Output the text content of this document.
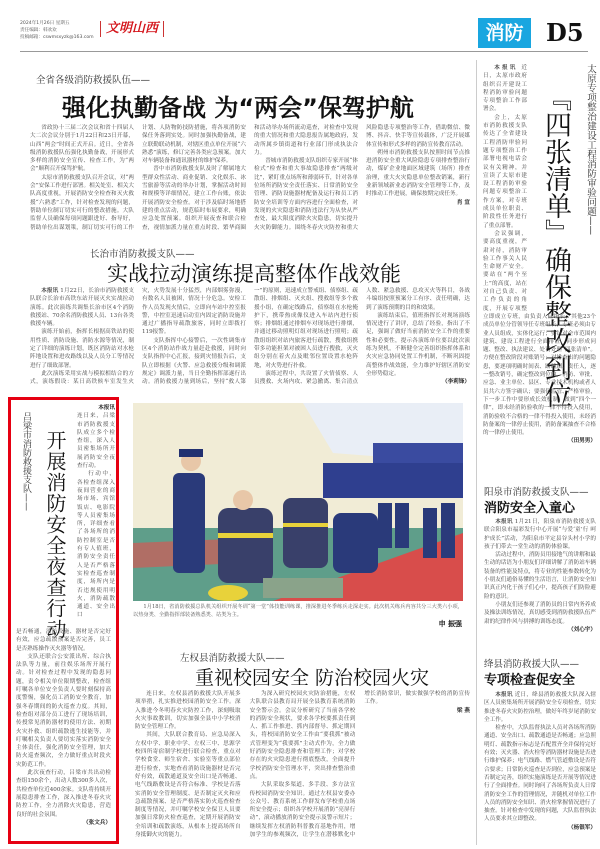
2024年1月26日 星期五
责任编辑：韩欢欢
投稿邮箱：cswmsxyzk@163.com
文明山西	消防 D5
全省各级消防救援队伍——
强化执勤备战 为“两会”保驾护航

省政协十三届二次会议和省十四届人大二次会议分别于1月22日和23日开幕，山西“两会”时间正式开启。近日，全省各级消防救援队伍强化执勤备战，开展形式多样的消防安全宣传、检查工作，为“两会”顺利召开保驾护航。

太原市消防救援支队召开会议，对“两会”安保工作进行部署。相关处室、相关大队高度重视，开展消防安全检查和灭火救援“六熟悉”工作，针对检查发现的问题，帮助单位制订切实可行的整改措施。大队监督人员确保每项问题跟进好、指导好，帮助单位出谋划策，制订切实可行的工作计划、人防物防技防措施，将各项消防安保任务落到实处。同时加强执勤备战，建立联勤联动机制，对辖区重点单位开展“六熟悉”演练，修订完善各类应急预案。加大对车辆装备和通讯器材的维护保养。

晋中市消防救援支队及时了解属地大型群众性活动、商业促销、文化娱乐、冰雪旅游等活动的举办计划，掌握活动时间和规模等详细情况，建立工作台账，依法开展消防安全检查。对于涉及临时场地搭建的重点活动，规范临时布展要求，明确应急处置预案。组织开展夜查和联合检查，视情加派力量在重点时段、繁华商圈和活动举办场所流动巡查，对检查中发现的重大情况和重大隐患报告属地政府，发动所属乡镇街道和行业部门形成执法合力。

晋城市消防救援支队组织专家开展“体检式”检查和重大事故隐患排查“两级对比”，紧盯重点场所和薄弱环节，针对各单位场所消防安全责任落实、日常消防安全管理、消防设施器材配备及运行和员工消防安全培训等方面内容进行全面检查，对发现的火灾隐患和消防违法行为从快从严查处，最大限度消除火灾隐患，切实提升火灾防御能力。围绕冬春火灾防控和重大风险隐患专项整治等工作，借助微信、微博、抖音、快手等宣传载体，广泛开展媒体宣传和形式多样的消防宣传教育活动。

朔州市消防救援支队按照时间节点推进消防安全重大风险隐患专项排查整治行动，煤矿企业地面区域建筑（场所）排查治理，重大火灾隐患单位整改销案，新行业新领域新业态消防安全管理等工作，及时推动工作进展，确保按期完成任务。

肖 宣
长治市消防救援支队——
实战拉动演练提高整体作战效能

本报讯 1月22日，长治市消防救援支队联合长治市高铁东站开展灭火实战拉动演练。此次演练共调集长治市区4个消防救援站、70余名消防救援人员、13台各类救援车辆。

演练开始前，指挥长根据高铁站的使用性质、消防设施、消防水源等情况，制定了详细的演练计划，既区消防站对水枪阵地设置和进攻路线以及人员分工等情况进行了细致部署。

此次演练采用实战与模拟相结合的方式，演练假设：某日高铁候车室发生火灾，火势发展十分猛烈，内部烟雾弥漫，有数名人员被困，情况十分危急。安检工作人员发现火情后，立即向车站中控室报警，中控室迅速启动室内固定消防设施并通过广播指导疏散旅客，同时立即拨打119报警。

支队指挥中心接警后，一次性调集市区4个消防站作战力量赶赴救援，同时向支队指挥中心汇报，接到灾情报告后，支队立即根据《火警、应急救援分级和调派规定》调派力量，当日全勤指挥部遂行出动。消防救援力量到场后，坚持“救人第一”的原则，迅速成立警戒组、侦察组、疏散组、排烟组、灭火组、搜救组等多个救援小组，在确定线路后，侦察组在水枪掩护下，携带热成像仪进入车站内进行侦察；排烟组通过排烟车对现场进行排烟，并通过移动照明灯组对现场进行照明；疏散组组织对站内旅客进行疏散，搜救组携带多功能担架对被困人员进行搜救，灭火组分别在着火点及毗邻位置设置水枪阵地，对火势进行扑救。

演练过程中，共设置了火情侦察、人员搜救、火场内攻、紧急撤离、集合清点人数、紧急救援、总攻灭火等科目，各战斗编组按照预案分工有序、责任明确，达到了演练预期的目的和效果。

演练结束后，值班指挥长对现场演练情况进行了讲评，总结了经验，指出了不足，强调了做好当前消防安全工作的重要性和必要性，提示各演练单位要以此次演练为契机，不断健全完善组织指挥体系和火灾应急协同处置工作机制，不断巩固提高整体作战效能，全力维护好辖区消防安全形势稳定。

（李莉锋）
吕梁市消防救援支队—— 开展消防安全夜查行动
本报讯

连日来，吕梁市消防救援支队成立多个检查组，深入人员密集场所开展消防安全夜查行动。

行动中，各检查组深入夜间营业的商场市场、宾馆饭店、电影院等人员密集场所，详细查看了各场所的消防控制室是否有专人值班，消防安全责任人是否严格落实检查巡查制度，场所内是否违规使用明火，消防疏散通道、安全出口

是否畅通，消防设施、器材是否完好有效，应急疏散预案是否完善，员工是否熟练操作灭火器等情况。

支队还联合公安派出所、综合执法队等力量，前往娱乐场所开展行动。针对检查过程中发现的隐患问题，责令相关单位限期整改，检查组叮嘱各单位安全负责人要时刻保持高度警惕，强化员工消防安全教育，加强冬春期间的防火巡查力度。其间，检查组对部分员工进行了现场培训，传授常见消防器材的使用方法、初期火灾扑救、组织疏散逃生技能等，并叮嘱相关负责人要切实落实消防安全主体责任，强化消防安全管理，加大防火巡查频次，全力做好重点时段火灾防范工作。

此次夜查行动，吕梁市共出动检查组150余个，出动人数300多人次，共检查单位近400余家。支队将持续开展隐患排查工作，深入推进冬春火灾防控工作，全力消除火灾隐患，营造良好的社会氛围。

（张文兵）
1月18日，省消防救援总队机关组织开展冬训“第一堂”体技能训练课，推深推进冬季练兵走深走实。此次机关练兵内容共分三大类六小项，以热身类、全勤指挥部装备熟悉类、站类为主。
申 振强
左权县消防救援大队——
重视校园安全 防治校园火灾

连日来，左权县消防救援大队开展多项举措，扎实推进校园消防安全工作。深入推进今冬明春火灾防控工作，深刻吸取火灾事故教训，切实加强全县中小学校消防安全管理工作。

其间，大队联合教育局、应急局深入左权中学、职业中学、左权三中、思源学校四所寄宿制学校进行联合检查，重点对学校食堂、师生宿舍、实验室等重点部位进行检查，实地查看消防设施器材是否完好有效，疏散通道及安全出口是否畅通、电气线路敷设是否符合标准、学校是否落实消防安全管理制度、是否制定灭火和应急疏散预案、是否严格落实防火巡查检查制度等情况，并叮嘱学校安全保卫人员要加强日常防火检查巡查，定期开展消防安全培训和疏散演练，从根本上提高场所自身抵御火灾的能力。

为深入研究校园火灾防治措施，左权大队联合县教育局开展全县教育系统消防安全警示会。会议分析研究了当前各学校的消防安全现状，要求各学校要抓责任到人、抓工作推进、抓内部督导、抓定期回头，将校园消防安全工作由“要我抓”被动式管理变为“我要抓”主动式作为，全力做好消防安全隐患排查和管理工作；对学校存在的火灾隐患进行彻底整改，全面提升学校消防安全管理水平，突出排查整治重点。

大队采取多渠道、多手段、多方法宣传校园消防安全知识。通过左权县安委办公众号、教育系统工作群发布学校重点场所安全提示；组织各学校开展消防“亮屏行动”，滚动播放消防安全提示及警示短片；继续发挥左权消防科普教育基地作用，增加学生的参观频次，让学生在潜移默化中增长消防常识，做实做强学校的消防宣传工作。

梁 燕

本报讯 近日，太原市政府组织召开建设工程消防审验问题专项整治工作部署会。

会上，太原市消防救援支队传达了全省建设工程消防审验问题专项整治工作部署电视电话会议有关精神，并宣读了太原市建设工程消防审验问题专项整治工作方案，对专班成员单位职责、阶段性任务进行了重点部署。

会议强调，要高度重视，严肃对待，消防审验工作事关人民生命财产安全。要站在“两个至上”的高度，站在对自己负责、对工作负责的角度，开展专项整

太原专项整治建设工程消防审验问题——
『四张清单』确保整改到位

立即成立专班，由负责人任组长，其他23个成员单位分管领导任专班组长，专班必须由专业人员组成，实体化运行；要针对全市范围内建筑、建设工程进行全面排查，同步形成问题、整改、执法建议、处罚处理“四张清单”。方便在整改阶段对账销号；对排查出的问题隐患，要逐项明确时间表、路线图、责任人，逐一整改销号，确定整改到位的，消防、审批、应急、业主单位、县区、专业技术机构或者人员共六方签字确认；要强化监管、严格审验，下一步工作中要形成长效机制，做到“四个一律”，即未经消防验收的一律不得投入使用，消防验收不合格的一律不得投入使用，未经消防备案的一律停止使用，消防备案抽查不合格的一律停止使用。

（田男男）
阳泉市消防救援支队——
消防安全入童心

本报讯 1月21日，阳泉市消防救援支队联合阳泉市福彩发行中心开展“与爱‘童’行 呵护成长”活动，为阳泉市平定县谷头村小学的孩子们带去一堂生动的消防体验课。

活动过程中，消防员用接地气的讲解和最生动的话语为小朋友们详细讲解了消防站车辆装备的性能及特点，将专业的性能参数转化为小朋友们通俗易懂的生活语言，让消防安全知识真正内化于孩子们心中，提高孩子们防险避险的意识。

小朋友们还参观了消防员的日常内务养成及操法训练情况，真切感受到消防救援队伍严肃的纪律作风与拼搏的训练态度。

（刘心宇）
绛县消防救援大队——
专项检查促安全

本报讯 近日，绛县消防救援大队深入辖区人员密集场所开展消防安全专项检查，切实推进冬春火灾防控治理，做好年终岁尾消防安全工作。

检查中，大队监督执法人员对各场所消防通道、安全出口、疏散通道是否畅通；应急照明灯、疏散指示标志是否配置齐全并保持完好有效；灭火器、消火栓等消防器材设施是否进行维护保养；电气线路、燃气管道敷设是否符合要求；日常防火巡查是否到位，应急预案是否制定完善，组织实施演练是否开展等情况进行了全面排查。同时询问了各场所负责人日常消防安全工作的管理情况，并随机对单位工作人员的消防安全知识、消火栓掌握情况进行了抽查。针对检查中发现的问题，大队监督执法人员要求其立即整改。

（杨银军）
